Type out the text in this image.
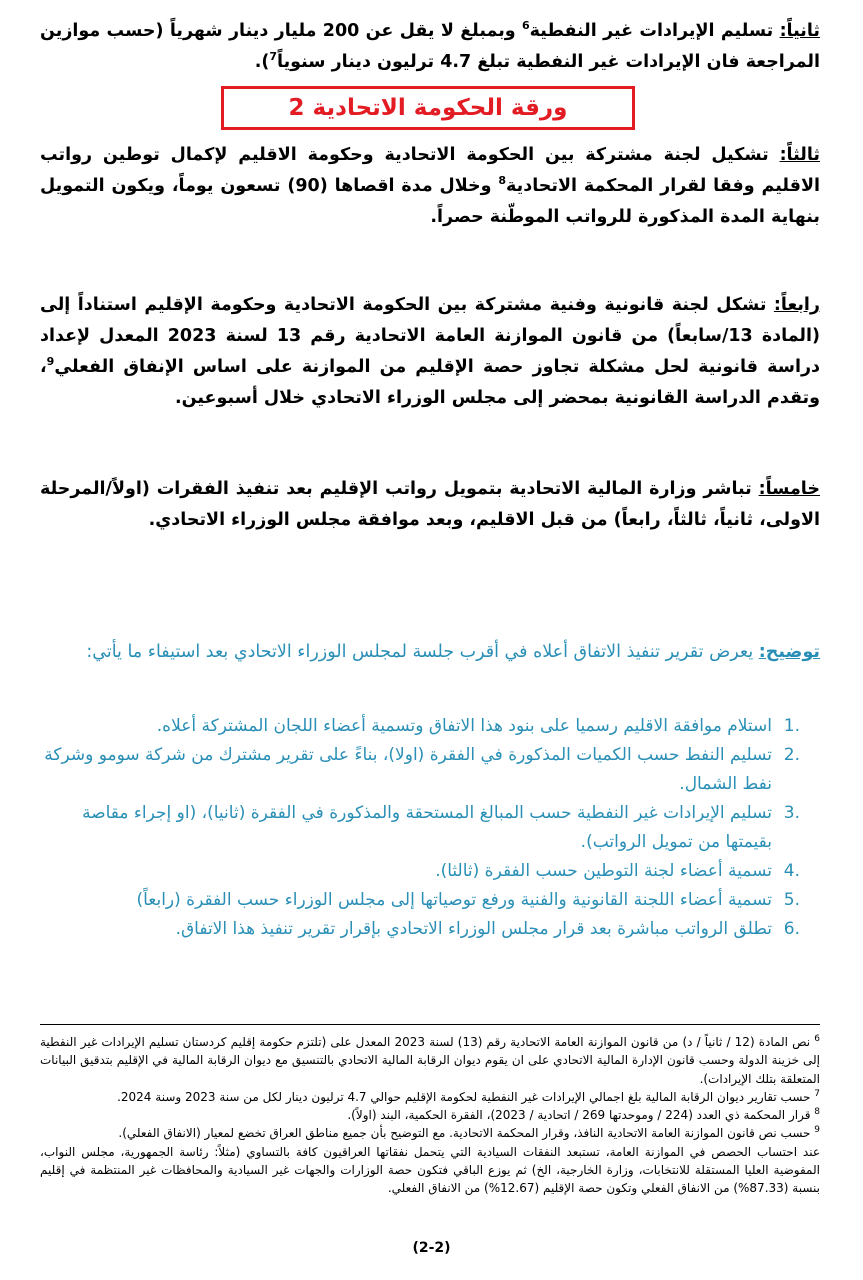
ثانياً: تسليم الإيرادات غير النفطية$^6$ وبمبلغ لا يقل عن 200 مليار دينار شهرياً (حسب موازين المراجعة فان الإيرادات غير النفطية تبلغ 4.7 ترليون دينار سنوياً$^7$).

ورقة الحكومة الاتحادية 2

ثالثاً: تشكيل لجنة مشتركة بين الحكومة الاتحادية وحكومة الاقليم لإكمال توطين رواتب الاقليم وفقا لقرار المحكمة الاتحادية$^8$ وخلال مدة اقصاها (90) تسعون يوماً، ويكون التمويل بنهاية المدة المذكورة للرواتب الموطّنة حصراً.

رابعاً: تشكل لجنة قانونية وفنية مشتركة بين الحكومة الاتحادية وحكومة الإقليم استناداً إلى (المادة 13/سابعاً) من قانون الموازنة العامة الاتحادية رقم 13 لسنة 2023 المعدل لإعداد دراسة قانونية لحل مشكلة تجاوز حصة الإقليم من الموازنة على اساس الإنفاق الفعلي$^9$، وتقدم الدراسة القانونية بمحضر إلى مجلس الوزراء الاتحادي خلال أسبوعين.

خامساً: تباشر وزارة المالية الاتحادية بتمويل رواتب الإقليم بعد تنفيذ الفقرات (اولاً/المرحلة الاولى، ثانياً، ثالثاً، رابعاً) من قبل الاقليم، وبعد موافقة مجلس الوزراء الاتحادي.

توضيح: يعرض تقرير تنفيذ الاتفاق أعلاه في أقرب جلسة لمجلس الوزراء الاتحادي بعد استيفاء ما يأتي:

.1
استلام موافقة الاقليم رسميا على بنود هذا الاتفاق وتسمية أعضاء اللجان المشتركة أعلاه.
.2
تسليم النفط حسب الكميات المذكورة في الفقرة (اولا)، بناءً على تقرير مشترك من شركة سومو وشركة نفط الشمال.
.3
تسليم الإيرادات غير النفطية حسب المبالغ المستحقة والمذكورة في الفقرة (ثانيا)، (او إجراء مقاصة بقيمتها من تمويل الرواتب).
.4
تسمية أعضاء لجنة التوطين حسب الفقرة (ثالثا).
.5
تسمية أعضاء اللجنة القانونية والفنية ورفع توصياتها إلى مجلس الوزراء حسب الفقرة (رابعاً)
.6
تطلق الرواتب مباشرة بعد قرار مجلس الوزراء الاتحادي بإقرار تقرير تنفيذ هذا الاتفاق.

$^6$ نص المادة (12 / ثانياً / د) من قانون الموازنة العامة الاتحادية رقم (13) لسنة 2023 المعدل على (تلتزم حكومة إقليم كردستان تسليم الإيرادات غير النفطية إلى خزينة الدولة وحسب قانون الإدارة المالية الاتحادي على ان يقوم ديوان الرقابة المالية الاتحادي بالتنسيق مع ديوان الرقابة المالية في الإقليم بتدقيق البيانات المتعلقة بتلك الإيرادات).

$^7$ حسب تقارير ديوان الرقابة المالية بلغ اجمالي الإيرادات غير النفطية لحكومة الإقليم حوالي 4.7 ترليون دينار لكل من سنة 2023 وسنة 2024.

$^8$ قرار المحكمة ذي العدد (224 / وموحدتها 269 / اتحادية / 2023)، الفقرة الحكمية، البند (اولاً).

$^9$ حسب نص قانون الموازنة العامة الاتحادية النافذ، وقرار المحكمة الاتحادية. مع التوضيح بأن جميع مناطق العراق تخضع لمعيار (الانفاق الفعلي).

عند احتساب الحصص في الموازنة العامة، تستبعد النفقات السيادية التي يتحمل نفقاتها العراقيون كافة بالتساوي (مثلاً: رئاسة الجمهورية، مجلس النواب، المفوضية العليا المستقلة للانتخابات، وزارة الخارجية، الخ) ثم يوزع الباقي فتكون حصة الوزارات والجهات غير السيادية والمحافظات غير المنتظمة في إقليم بنسبة (87.33%) من الانفاق الفعلي وتكون حصة الإقليم (12.67%) من الانفاق الفعلي.

(2-2)
